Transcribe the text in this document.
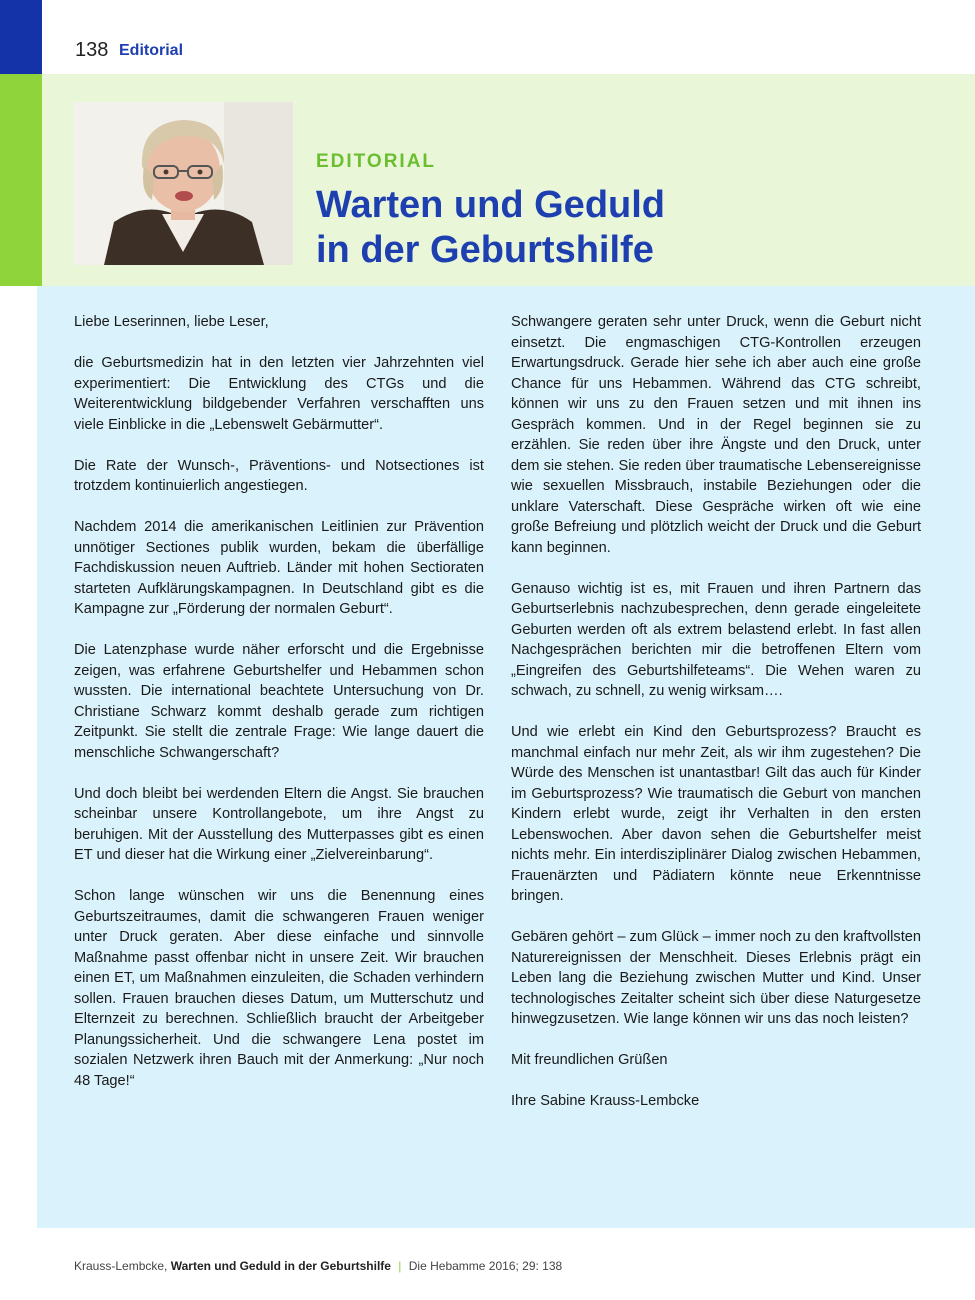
138 Editorial
EDITORIAL
Warten und Geduld
in der Geburtshilfe

Liebe Leserinnen, liebe Leser,

die Geburtsmedizin hat in den letzten vier Jahrzehnten viel experimentiert: Die Entwicklung des CTGs und die Weiterentwicklung bildgebender Verfahren verschafften uns viele Einblicke in die „Lebenswelt Gebärmutter“.

Die Rate der Wunsch-, Präventions- und Notsectiones ist trotzdem kontinuierlich angestiegen.

Nachdem 2014 die amerikanischen Leitlinien zur Prävention unnötiger Sectiones publik wurden, bekam die überfällige Fachdiskussion neuen Auftrieb. Länder mit hohen Sectioraten starteten Aufklärungskampagnen. In Deutschland gibt es die Kampagne zur „Förderung der normalen Geburt“.

Die Latenzphase wurde näher erforscht und die Ergebnisse zeigen, was erfahrene Geburtshelfer und Hebammen schon wussten. Die international beachtete Untersuchung von Dr. Christiane Schwarz kommt deshalb gerade zum richtigen Zeitpunkt. Sie stellt die zentrale Frage: Wie lange dauert die menschliche Schwangerschaft?

Und doch bleibt bei werdenden Eltern die Angst. Sie brauchen scheinbar unsere Kontrollangebote, um ihre Angst zu beruhigen. Mit der Ausstellung des Mutterpasses gibt es einen ET und dieser hat die Wirkung einer „Zielvereinbarung“.

Schon lange wünschen wir uns die Benennung eines Geburtszeitraumes, damit die schwangeren Frauen weniger unter Druck geraten. Aber diese einfache und sinnvolle Maßnahme passt offenbar nicht in unsere Zeit. Wir brauchen einen ET, um Maßnahmen einzuleiten, die Schaden verhindern sollen. Frauen brauchen dieses Datum, um Mutterschutz und Elternzeit zu berechnen. Schließlich braucht der Arbeitgeber Planungssicherheit. Und die schwangere Lena postet im sozialen Netzwerk ihren Bauch mit der Anmerkung: „Nur noch 48 Tage!“

Schwangere geraten sehr unter Druck, wenn die Geburt nicht einsetzt. Die engmaschigen CTG-Kontrollen erzeugen Erwartungsdruck. Gerade hier sehe ich aber auch eine große Chance für uns Hebammen. Während das CTG schreibt, können wir uns zu den Frauen setzen und mit ihnen ins Gespräch kommen. Und in der Regel beginnen sie zu erzählen. Sie reden über ihre Ängste und den Druck, unter dem sie stehen. Sie reden über traumatische Lebensereignisse wie sexuellen Missbrauch, instabile Beziehungen oder die unklare Vaterschaft. Diese Gespräche wirken oft wie eine große Befreiung und plötzlich weicht der Druck und die Geburt kann beginnen.

Genauso wichtig ist es, mit Frauen und ihren Partnern das Geburtserlebnis nachzubesprechen, denn gerade eingeleitete Geburten werden oft als extrem belastend erlebt. In fast allen Nachgesprächen berichten mir die betroffenen Eltern vom „Eingreifen des Geburtshilfeteams“. Die Wehen waren zu schwach, zu schnell, zu wenig wirksam….

Und wie erlebt ein Kind den Geburtsprozess? Braucht es manchmal einfach nur mehr Zeit, als wir ihm zugestehen? Die Würde des Menschen ist unantastbar! Gilt das auch für Kinder im Geburtsprozess? Wie traumatisch die Geburt von manchen Kindern erlebt wurde, zeigt ihr Verhalten in den ersten Lebenswochen. Aber davon sehen die Geburtshelfer meist nichts mehr. Ein interdisziplinärer Dialog zwischen Hebammen, Frauenärzten und Pädiatern könnte neue Erkenntnisse bringen.

Gebären gehört – zum Glück – immer noch zu den kraftvollsten Naturereignissen der Menschheit. Dieses Erlebnis prägt ein Leben lang die Beziehung zwischen Mutter und Kind. Unser technologisches Zeitalter scheint sich über diese Naturgesetze hinwegzusetzen. Wie lange können wir uns das noch leisten?

Mit freundlichen Grüßen

Ihre Sabine Krauss-Lembcke

Krauss-Lembcke, Warten und Geduld in der Geburtshilfe | Die Hebamme 2016; 29: 138
